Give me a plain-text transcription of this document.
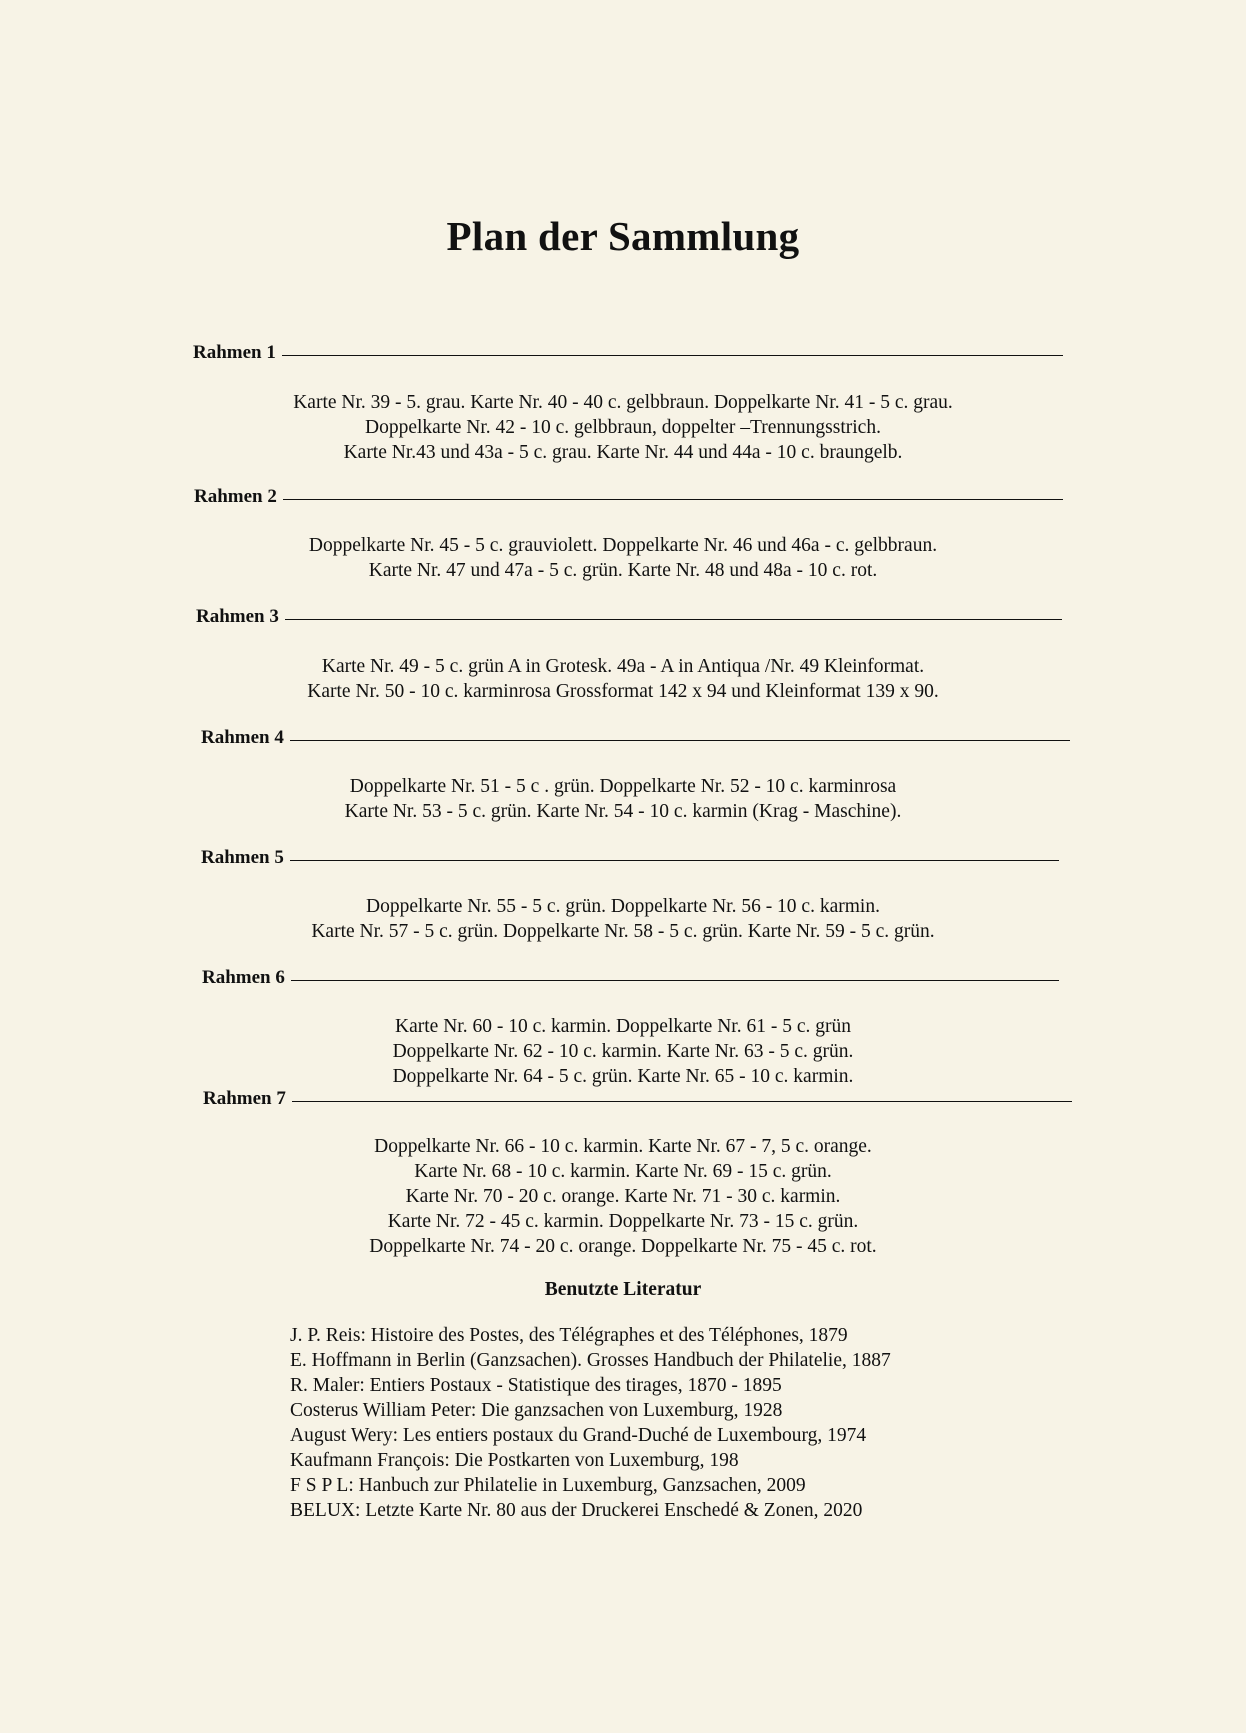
Plan der Sammlung
Rahmen 1
Karte Nr. 39 - 5. grau. Karte Nr. 40 - 40 c. gelbbraun. Doppelkarte Nr. 41 - 5 c. grau.
Doppelkarte Nr. 42 - 10 c. gelbbraun, doppelter –Trennungsstrich.
Karte Nr.43 und 43a - 5 c. grau. Karte Nr. 44 und 44a - 10 c. braungelb.
Rahmen 2
Doppelkarte Nr. 45 - 5 c. grauviolett. Doppelkarte Nr. 46 und 46a - c. gelbbraun.
Karte Nr. 47 und 47a - 5 c. grün. Karte Nr. 48 und 48a - 10 c. rot.
Rahmen 3
Karte Nr. 49 - 5 c. grün A in Grotesk. 49a - A in Antiqua /Nr. 49 Kleinformat.
Karte Nr. 50 - 10 c. karminrosa Grossformat 142 x 94 und Kleinformat 139 x 90.
Rahmen 4
Doppelkarte Nr. 51 - 5 c . grün. Doppelkarte Nr. 52 - 10 c. karminrosa
Karte Nr. 53 - 5 c. grün. Karte Nr. 54 - 10 c. karmin (Krag - Maschine).
Rahmen 5
Doppelkarte Nr. 55 - 5 c. grün. Doppelkarte Nr. 56 - 10 c. karmin.
Karte Nr. 57 - 5 c. grün. Doppelkarte Nr. 58 - 5 c. grün. Karte Nr. 59 - 5 c. grün.
Rahmen 6
Karte Nr. 60 - 10 c. karmin. Doppelkarte Nr. 61 - 5 c. grün
Doppelkarte Nr. 62 - 10 c. karmin. Karte Nr. 63 - 5 c. grün.
Doppelkarte Nr. 64 - 5 c. grün. Karte Nr. 65 - 10 c. karmin.
Rahmen 7
Doppelkarte Nr. 66 - 10 c. karmin. Karte Nr. 67 - 7, 5 c. orange.
Karte Nr. 68 - 10 c. karmin. Karte Nr. 69 - 15 c. grün.
Karte Nr. 70 - 20 c. orange. Karte Nr. 71 - 30 c. karmin.
Karte Nr. 72 - 45 c. karmin. Doppelkarte Nr. 73 - 15 c. grün.
Doppelkarte Nr. 74 - 20 c. orange. Doppelkarte Nr. 75 - 45 c. rot.
Benutzte Literatur
J. P. Reis: Histoire des Postes, des Télégraphes et des Téléphones, 1879
E. Hoffmann in Berlin (Ganzsachen). Grosses Handbuch der Philatelie, 1887
R. Maler: Entiers Postaux - Statistique des tirages, 1870 - 1895
Costerus William Peter: Die ganzsachen von Luxemburg, 1928
August Wery: Les entiers postaux du Grand-Duché de Luxembourg, 1974
Kaufmann François: Die Postkarten von Luxemburg, 198
F S P L: Hanbuch zur Philatelie in Luxemburg, Ganzsachen, 2009
BELUX: Letzte Karte Nr. 80 aus der Druckerei Enschedé & Zonen, 2020
